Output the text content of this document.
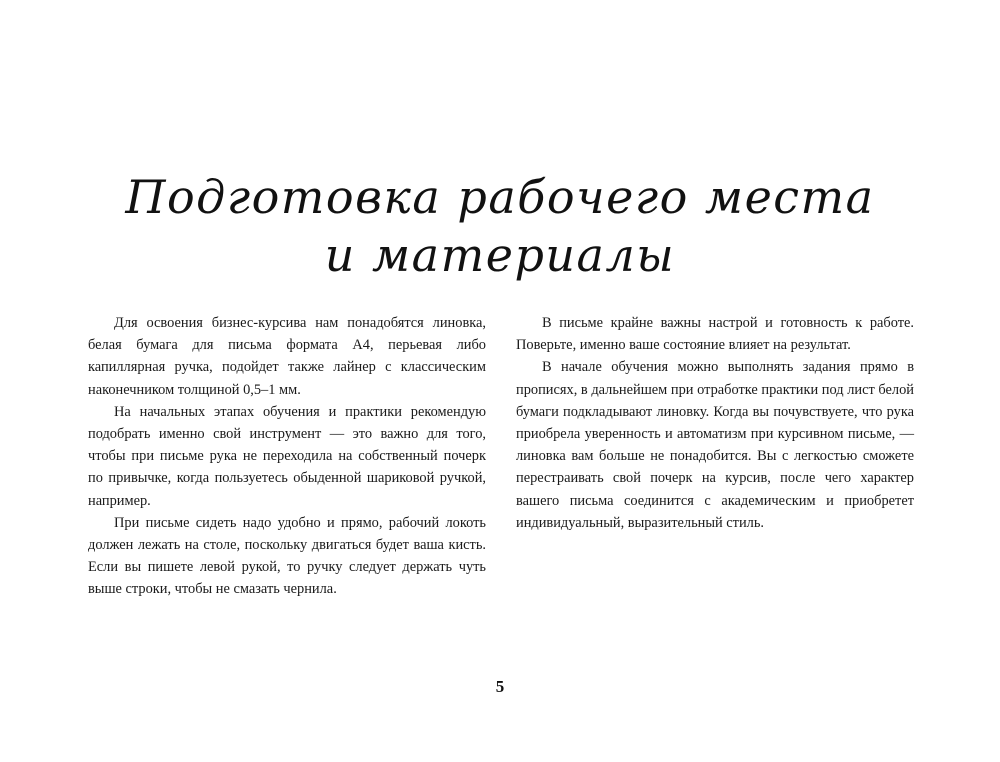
Подготовка рабочего места
и материалы

Для освоения бизнес-курсива нам понадобятся линовка, белая бумага для письма формата А4, перьевая либо капиллярная ручка, подойдет также лайнер с классическим наконечником толщиной 0,5–1 мм.

На начальных этапах обучения и практики рекомендую подобрать именно свой инструмент — это важно для того, чтобы при письме рука не переходила на собственный почерк по привычке, когда пользуетесь обыденной шариковой ручкой, например.

При письме сидеть надо удобно и прямо, рабочий локоть должен лежать на столе, поскольку двигаться будет ваша кисть. Если вы пишете левой рукой, то ручку следует держать чуть выше строки, чтобы не смазать чернила.

В письме крайне важны настрой и готовность к работе. Поверьте, именно ваше состояние влияет на результат.

В начале обучения можно выполнять задания прямо в прописях, в дальнейшем при отработке практики под лист белой бумаги подкладывают линовку. Когда вы почувствуете, что рука приобрела уверенность и автоматизм при курсивном письме, — линовка вам больше не понадобится. Вы с легкостью сможете перестраивать свой почерк на курсив, после чего характер вашего письма соединится с академическим и приобретет индивидуальный, выразительный стиль.

5
